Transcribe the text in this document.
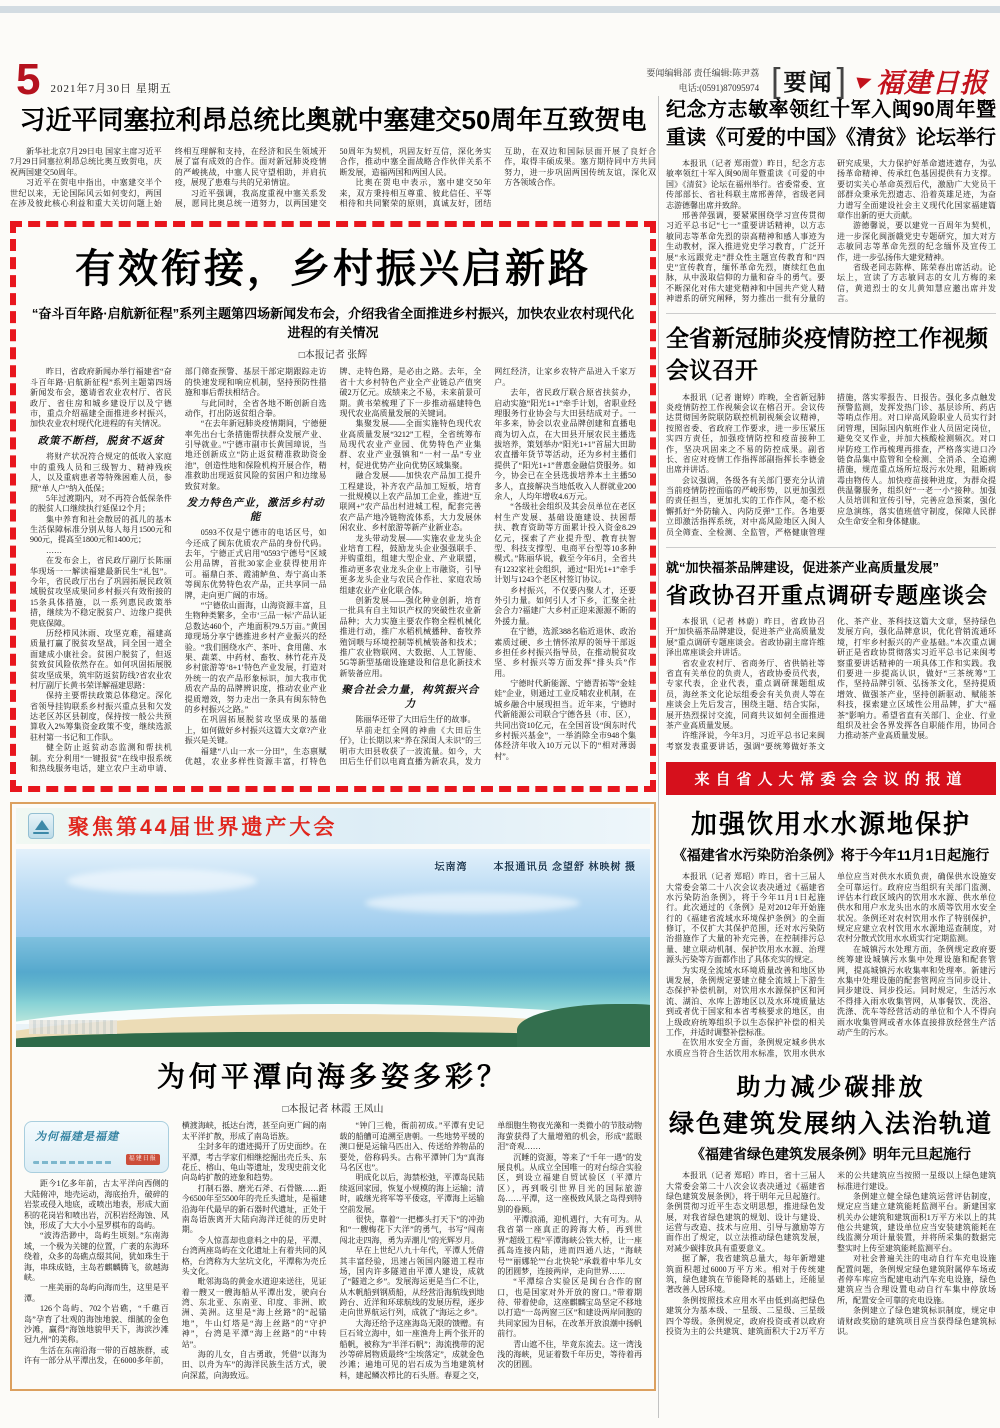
5 2021年7月30日 星期五
要闻编辑部 责任编辑:陈尹荔
电话:(0591)87095974 [ 要闻 ] 福建日报
习近平同塞拉利昂总统比奥就中塞建交50周年互致贺电

新华社北京7月29日电 国家主席习近平7月29日同塞拉利昂总统比奥互致贺电，庆祝两国建交50周年。

习近平在贺电中指出，中塞建交半个世纪以来，无论国际风云如何变幻，两国在涉及彼此核心利益和重大关切问题上始终相互理解和支持，在经济和民生领域开展了富有成效的合作。面对新冠肺炎疫情的严峻挑战，中塞人民守望相助，并肩抗疫，展现了患难与共的兄弟情谊。

习近平强调，我高度重视中塞关系发展，愿同比奥总统一道努力，以两国建交50周年为契机，巩固友好互信，深化务实合作，推动中塞全面战略合作伙伴关系不断发展，造福两国和两国人民。

比奥在贺电中表示，塞中建交50年来，双方秉持相互尊重、彼此信任、平等相待和共同繁荣的原则，真诚友好，团结互助，在双边和国际层面开展了良好合作，取得丰硕成果。塞方期待同中方共同努力，进一步巩固两国传统友谊，深化双方各领域合作。

有效衔接，乡村振兴启新路

“奋斗百年路·启航新征程”系列主题第四场新闻发布会，介绍我省全面推进乡村振兴，加快农业农村现代化进程的有关情况

□本报记者 张辉

昨日，省政府新闻办举行福建省“奋斗百年路·启航新征程”系列主题第四场新闻发布会，邀请省农业农村厅、省民政厅、省住房和城乡建设厅以及宁德市，重点介绍福建全面推进乡村振兴，加快农业农村现代化进程的有关情况。

政策不断档，脱贫不返贫

将财产状况符合规定的低收入家庭中的重残人员和三级智力、精神残疾人，以及重病患者等特殊困难人员，参照“单人户”纳入低保；

5年过渡期内，对不再符合低保条件的脱贫人口继续执行延保12个月；

集中养育和社会散居的孤儿的基本生活保障标准分别从每人每月1500元和900元，提高至1800元和1400元；

……

在发布会上，省民政厅副厅长陈丽华现场一一解读福建最新民生“礼包”。今年，省民政厅出台了巩固拓展民政领域脱贫攻坚成果同乡村振兴有效衔接的15条具体措施，以一系列惠民政策举措，继续为不稳定脱贫户、边缘户提供兜底保障。

历经栉风沐雨、攻坚克难，福建高质量打赢了脱贫攻坚战，同全国一道全面建成小康社会。贫困户脱贫了，但返贫致贫风险依然存在。如何巩固拓展脱贫攻坚成果，筑牢防返贫防线?省农业农村厅副厅长黄书荣详解福建思路：

保持主要帮扶政策总体稳定。深化省领导挂钩联系乡村振兴重点县和欠发达老区苏区县制度，保持按一般公共预算收入2%筹集资金政策不变，继续选派驻村第一书记和工作队。

健全防止返贫动态监测和帮扶机制。充分利用“一键报贫”在线申报系统和热线服务电话，建立农户主动申请、部门筛查预警、基层干部定期跟踪走访的快速发现和响应机制，坚持预防性措施和事后帮扶相结合。

与此同时，全省各地不断创新自选动作，打出防返贫组合拳。

“在去年新冠肺炎疫情期间，宁德便率先出台七条措施帮扶群众发展产业、引导就业。”宁德市副市长黄国璋说，当地还创新成立“防止返贫精准救助资金池”，创造性地和保险机构开展合作，精准救助出现返贫风险的贫困户和边缘易致贫对象。

发力特色产业，激活乡村动能

0593不仅是宁德市的电话区号，如今还成了闽东优质农产品的身份代码。去年，宁德正式启用“0593宁德号”区域公用品牌，首批30家企业获得使用许可。福鼎白茶、霞浦鲈鱼、寿宁高山茶等闽东优势特色农产品，正共享同一品牌，走向更广阔的市场。

“宁德依山面海，山海资源丰富，且生物种类繁多，全市‘三品一标’产品认证总数达460个，产地面积79.5万亩。”黄国璋现场分享宁德推进乡村产业振兴的经验。“我们围绕水产、茶叶、食用菌、水果、蔬菜、中药材、畜牧、林竹花卉及乡村旅游等‘8+1’特色产业发展，打造对外统一的农产品形象标识，加大我市优质农产品的品牌辨识度，推动农业产业提质增效，努力走出一条具有闽东特色的乡村振兴之路。”

在巩固拓展脱贫攻坚成果的基础上，如何做好乡村振兴这篇大文章?产业振兴是关键。

福建“八山一水一分田”，生态禀赋优越，农业多样性资源丰富，打特色牌、走特色路，是必由之路。去年，全省十大乡村特色产业全产业链总产值突破2万亿元。成绩来之不易，未来前景可期。黄书荣梳理了下一步推动福建特色现代农业高质量发展的关键词。

集聚发展——全面实施特色现代农业高质量发展“3212”工程，全省统筹布局现代农业产业园、优势特色产业集群、农业产业强镇和“一村一品”专业村，促进优势产业向优势区域集聚。

融合发展——加快农产品加工提升工程建设，补齐农产品加工短板，培育一批规模以上农产品加工企业，推进“互联网+”农产品出村进城工程，配套完善农产品产地冷链物流体系，大力发展休闲农业、乡村旅游等新产业新业态。

龙头带动发展——实施农业龙头企业培育工程，鼓励龙头企业强强联手、并购重组，组建大型企业、产业联盟，推动更多农业龙头企业上市融资，引导更多龙头企业与农民合作社、家庭农场组建农业产业化联合体。

创新发展——强化种业创新，培育一批具有自主知识产权的突破性农业新品种；大力实施主要农作物全程机械化推进行动，推广水稻机械播种、畜牧养殖饲喂与环境控制等机械装备和技术；推广农业物联网、大数据、人工智能、5G等新型基础设施建设和信息化新技术新装备应用。

聚合社会力量，构筑振兴合力

陈丽华还带了大田后生仔的故事。

早前走红全网的神曲《大田后生仔》，让长期以来“养在深闺人未识”的三明市大田县收获了一波流量。如今，大田后生仔们以电商直播为新农具，发力网红经济，让家乡农特产品进入千家万户。

去年，省民政厅联合原省扶贫办，启动实施“阳光1+1”牵手计划，省职业经理服务行业协会与大田县结成对子。一年多来，协会以农业品牌创建和直播电商为切入点，在大田县开展农民主播选拔培养，策划举办“阳光1+1”首届大田助农直播年货节等活动，还为乡村主播们提供了“阳光1+1”普惠金融信贷服务。如今，协会已在全县选拔培养本土主播50多人，直接解决当地低收入人群就业200余人，人均年增收4.6万元。

“各级社会组织及其会员单位在老区村生产发展、基础设施建设、扶困帮扶、教育资助等方面累计投入资金8.29亿元，探索了产业提升型、教育扶智型、科技支撑型、电商平台型等10多种模式。”陈丽华说，截至今年6月，全省共有1232家社会组织，通过“阳光1+1”牵手计划与1243个老区村签订协议。

乡村振兴，不仅要内聚人才，还要外引力量。如何引人才下乡，汇聚全社会合力?福建广大乡村正迎来源源不断的外援力量。

在宁德，选派388名临近退休、政治素质过硬、乡土情怀浓厚的领导干部返乡担任乡村振兴指导员，在推动脱贫攻坚、乡村振兴等方面发挥“排头兵”作用。

宁德时代新能源、宁德青拓等“金娃娃”企业，则通过工业反哺农业机制，在城乡融合中展现担当。近年来，宁德时代新能源公司联合宁德各县（市、区），共同出资10亿元，在全国首设“闽东时代乡村振兴基金”，一举消除全市948个集体经济年收入10万元以下的“相对薄弱村”。

聚焦第44届世界遗产大会
坛南湾	本报通讯员 念望舒 林映树 摄
为何平潭向海多姿多彩？

□本报记者 林霞 王凤山

为何福建是福建
福建日报

距今1亿多年前，古太平洋向西侧的大陆俯冲，地壳运动，海底抬升，破碎的岩浆或侵入地底，或喷出地表，形成大面积的花岗岩和喷出岩，沉积岩经海蚀、风蚀，形成了大大小小星罗棋布的岛屿。

“波涛浩渺中，岛屿生顷刻。”东南海域，一个极为关键的位置，广袤的东海环绕着，众多的岛礁点缀其间，犹如珠生于海，串珠成链，主岛若麒麟腾飞，欲越海峡。

一座美丽的岛屿向海而生，这里是平潭。

126个岛屿、702个岩礁，“千礁百岛”孕育了壮观的海蚀地貌、细腻的金色沙滩，赢得“海蚀地貌甲天下，海滨沙滩冠九州”的美称。

生活在东南沿海一带的百越族群，或许有一部分从平潭出发，在6000多年前，横渡海峡，抵达台湾，甚至向更广阔的南太平洋扩散，形成了南岛语族。

尘封多年的遗迹揭开了历史面纱。在平潭，考古学家们相继挖掘出壳丘头、东花丘、榕山、龟山等遗址，发现史前文化向岛屿扩散的迹象和趋势。

打制石器、磨光石斧、石骨镞……距今6500年至5500年的壳丘头遗址，是福建沿海年代最早的新石器时代遗址，正处于南岛语族离开大陆向海洋迁徙的历史时期。

令人惊喜却也意料之中的是，平潭、台湾两座岛屿在文化遗址上有着共同的风格，台湾称为大坌坑文化，平潭称为壳丘头文化。

毗邻海岛的黄金水道迎来送往，见证着一艘又一艘海船从平潭出发，驶向台湾、东北亚、东南亚、印度、非洲、欧洲、美洲。这里是“海上丝路”的“起锚地”，牛山灯塔是“海上丝路”的“守护神”，台湾是平潭“海上丝路”的“中转站”。

海的儿女，自古勇敢，凭借“以海为田、以舟为车”的海洋民族生活方式，驶向深蓝，向海致远。

“钟门三桅，衙前初成。”平潭有史记载的船艚可追溯至唐朝。一些地势平缓的澳口便是运输马匹出入、传送给养物品的要处，俗称码头。古称平潭钟门为“真海马名区也”。

明成化以后，海禁松弛，平潭岛民陆续返回家园，恢复小规模的海上运输；清时，戚继光将军等平倭寇，平潭海上运输空前发展。

很快，靠着“一把榔头打天下”的冲劲和“一艘梅花下大洋”的勇气，书写“闯南闯北走四海，勇为弄潮儿”的光辉岁月。

早在上世纪八九十年代，平潭人凭借其丰富经验，迅速占领国内隧道工程市场，国内许多隧道由平潭人建设，成就了“隧道之乡”。发展海运更是当仁不让，从木帆船到钢质船，从经营沿海航线到地跨台、近洋和环球航线的发展历程，逐步走向世界航运行列，成就了“海运之乡”。

大海还给予这座海岛无限的馈赠。有巨石耸立海中，如一座渔舟上两个张开的船帆，被称为“半洋石帆”；海流携带的泥沙等碎屑物质最终“尘埃落定”，成就金色沙滩；遍地可见的岩石成为当地建筑材料，建起鳞次栉比的石头厝。春夏之交，单细胞生物夜光藻和一类微小的节肢动物海萤获得了大量增殖的机会，形成“蓝眼泪”奇观……

沉睡的资源，等来了“千年一遇”的发展良机。从成立全国唯一的对台综合实验区，到设立福建自贸试验区（平潭片区），再到吸引世界目光的国际旅游岛……平潭，这一座极致风景之岛得到特别的眷顾。

平潭浪涌，迎机遇行，大有可为。从我省第一座真正的跨海大桥，再到世界“超级工程”平潭海峡公铁大桥，让一座孤岛连接内陆，进而四通八达，“海峡号”“丽娜轮”“台北快轮”承载着中华儿女的团圆梦，连接两岸，走向世界……

“平潭综合实验区是闽台合作的窗口，也是国家对外开放的窗口。”带着期待、带着使命，这座麒麟宝岛坚定不移地以打造“一岛两窗三区”和建设两岸同胞的共同家园为目标，在改革开放浪潮中扬帆前行。

青山遮不住，毕竟东流去。这一湾浅浅的海峡，见证着数千年历史，等待着再次的团圆。

纪念方志敏率领红十军入闽90周年暨重读《可爱的中国》《清贫》论坛举行

本报讯（记者 郑雨萱）昨日，纪念方志敏率领红十军入闽90周年暨重读《可爱的中国》《清贫》论坛在福州举行。省委常委、宣传部部长、省社科联主席邢善萍，省级老同志游德馨出席并致辞。

邢善萍强调，要紧紧围绕学习宣传贯彻习近平总书记“七一”重要讲话精神，以方志敏同志等革命先烈的崇高精神和感人事迹为生动教材，深入推进党史学习教育，广泛开展“永远跟党走”群众性主题宣传教育和“四史”宣传教育，缅怀革命先烈，赓续红色血脉，从中汲取信仰的力量和奋斗的勇气。要不断深化对伟大建党精神和中国共产党人精神谱系的研究阐释，努力推出一批有分量的研究成果，大力保护好革命遗迹遗存，为弘扬革命精神、传承红色基因提供有力支撑。要切实关心革命英烈后代，激励广大党员干部群众秉承先烈遗志、沿着英雄足迹，为奋力谱写全面建设社会主义现代化国家福建篇章作出新的更大贡献。

游德馨说，要以建党一百周年为契机，进一步深化闽浙赣党史专题研究，加大对方志敏同志等革命先烈的纪念缅怀及宣传工作，进一步弘扬伟大建党精神。

省级老同志陈桦、陈荣春出席活动。论坛上，宣读了方志敏同志的女儿方梅的来信，黄道烈士的女儿黄知慧应邀出席并发言。

全省新冠肺炎疫情防控工作视频会议召开

本报讯（记者 谢婷）昨晚，全省新冠肺炎疫情防控工作视频会议在榕召开。会议传达贯彻国务院联防联控机制视频会议精神，按照省委、省政府工作要求，进一步压紧压实四方责任，加强疫情防控和疫苗接种工作，坚决巩固来之不易的防控成果。副省长、省应对疫情工作指挥部副指挥长李德金出席并讲话。

会议强调，各级各有关部门要充分认清当前疫情防控面临的严峻形势，以更加强烈的责任担当，更加扎实的工作作风，毫不松懈抓好“外防输入、内防反弹”工作。各地要立即激活指挥系统，对中高风险地区入闽人员全筛查、全检测、全监管，严格健康管理措施，落实零报告、日报告。强化多点触发预警监测，发挥发热门诊、基层诊所、药店等哨点作用。对口岸高风险职业人员实行封闭管理，国际国内航班作业人员固定岗位，避免交叉作业，并加大核酸检测频次。对口岸防疫工作再梳理再排查，严格落实进口冷链食品集中监管和全检测、全消杀、全追溯措施，规范重点场所垃圾污水处理，阻断病毒由物传人。加快疫苗接种进度，为群众提供温馨服务，组织好“一老一小”接种。加强人员培训和宣传引导，完善应急预案，强化应急演练，落实值班值守制度，保障人民群众生命安全和身体健康。

就“加快福茶品牌建设，促进茶产业高质量发展”
省政协召开重点调研专题座谈会

本报讯（记者 林蔚）昨日，省政协召开“加快福茶品牌建设，促进茶产业高质量发展”重点调研专题座谈会。省政协副主席许维泽出席座谈会并讲话。

省农业农村厅、省商务厅、省供销社等省直有关单位的负责人，省政协委员代表，专家代表，企业代表，重点调研课题组成员，海丝茶文化论坛组委会有关负责人等在座谈会上先后发言，围绕主题、结合实际，展开热烈探讨交流，同商共议如何全面推进茶产业高质量发展。

许维泽说，今年3月，习近平总书记来闽考察发表重要讲话，强调“要统筹做好茶文化、茶产业、茶科技这篇大文章，坚持绿色发展方向，强化品牌意识，优化营销流通环境，打牢乡村振兴的产业基础。”本次重点调研正是省政协贯彻落实习近平总书记来闽考察重要讲话精神的一项具体工作和实践。我们要进一步提高认识，做好“三茶统筹”工作，坚持品牌引领、弘扬茶文化，坚持提质增效、做强茶产业，坚持创新驱动、赋能茶科技，探索建立区域性公用品牌，扩大“福茶”影响力。希望省直有关部门、企业、行业组织及社会各界发挥各自职能作用，协同合力推动茶产业高质量发展。

来自省人大常委会会议的报道
加强饮用水水源地保护
《福建省水污染防治条例》将于今年11月1日起施行

本报讯（记者 郑昭）昨日，省十三届人大常委会第二十八次会议表决通过《福建省水污染防治条例》，将于今年11月1日起施行。此次通过的《条例》是对2012年开始施行的《福建省流域水环境保护条例》的全面修订，不仅扩大其保护范围，还对水污染防治措施作了大量的补充完善，在控制排污总量、建立联动机制、保护饮用水水源、治理源头污染等方面都作出了具体充实的规定。

为实现全流域水环境质量改善和地区协调发展，条例规定要建立健全流域上下游生态保护补偿机制，对饮用水水源保护区和河流、湖泊、水库上游地区以及水环境质量达到或者优于国家和本省考核要求的地区，由上级政府统筹组织予以生态保护补偿的相关工作，并适时调整补偿标准。

在饮用水安全方面，条例规定城乡供水水质应当符合生活饮用水标准，饮用水供水单位应当对供水水质负责，确保供水设施安全可靠运行。政府应当组织有关部门监测、评估本行政区域内的饮用水水源、供水单位供水和用户水龙头出水的水质等饮用水安全状况。条例还对农村饮用水作了特别保护，规定应建立农村饮用水水源地巡查制度，对农村分散式饮用水水质实行定期监测。

在城镇污水处理方面，条例规定政府要统筹建设城镇污水集中处理设施和配套管网，提高城镇污水收集率和处理率。新建污水集中处理设施的配套管网应当同步设计、同步建设、同步投运。同时规定，生活污水不得排入雨水收集管网，从事餐饮、洗浴、洗涤、洗车等经营活动的单位和个人不得向雨水收集管网或者水体直接排放经营生产活动产生的污水。

助力减少碳排放
绿色建筑发展纳入法治轨道
《福建省绿色建筑发展条例》明年元旦起施行

本报讯（记者 郑昭）昨日，省十三届人大常委会第二十八次会议表决通过《福建省绿色建筑发展条例》，将于明年元旦起施行。条例贯彻习近平生态文明思想，推进绿色发展，对我省绿色建筑的规划、设计与建设、运营与改造、技术与应用、引导与激励等方面作出了规定，以立法推动绿色建筑发展，对减少碳排放具有重要意义。

据了解，我省建筑总量大，每年新增建筑面积超过6000万平方米。相对于传统建筑，绿色建筑在节能降耗的基础上，还能显著改善人居环境。

条例按照技术应用水平由低到高把绿色建筑分为基本级、一星级、二星级、三星级四个等级。条例规定，政府投资或者以政府投资为主的公共建筑、建筑面积大于2万平方米的公共建筑应当按照一星级以上绿色建筑标准进行建设。

条例建立健全绿色建筑运营评估制度，规定应当建立建筑能耗监测平台。新建国家机关办公建筑和建筑面积1万平方米以上的其他公共建筑，建设单位应当安装建筑能耗在线监测分项计量装置，并将所采集的数据完整实时上传至建筑能耗监测平台。

对社会普遍关注的电动自行车充电设施配置问题，条例规定绿色建筑附属停车场或者停车库应当配建电动汽车充电设施，绿色建筑应当合理设置电动自行车集中停放场所，配置安全可靠的充电设施。

条例建立了绿色建筑标识制度，规定申请财政奖励的建筑项目应当获得绿色建筑标识。
